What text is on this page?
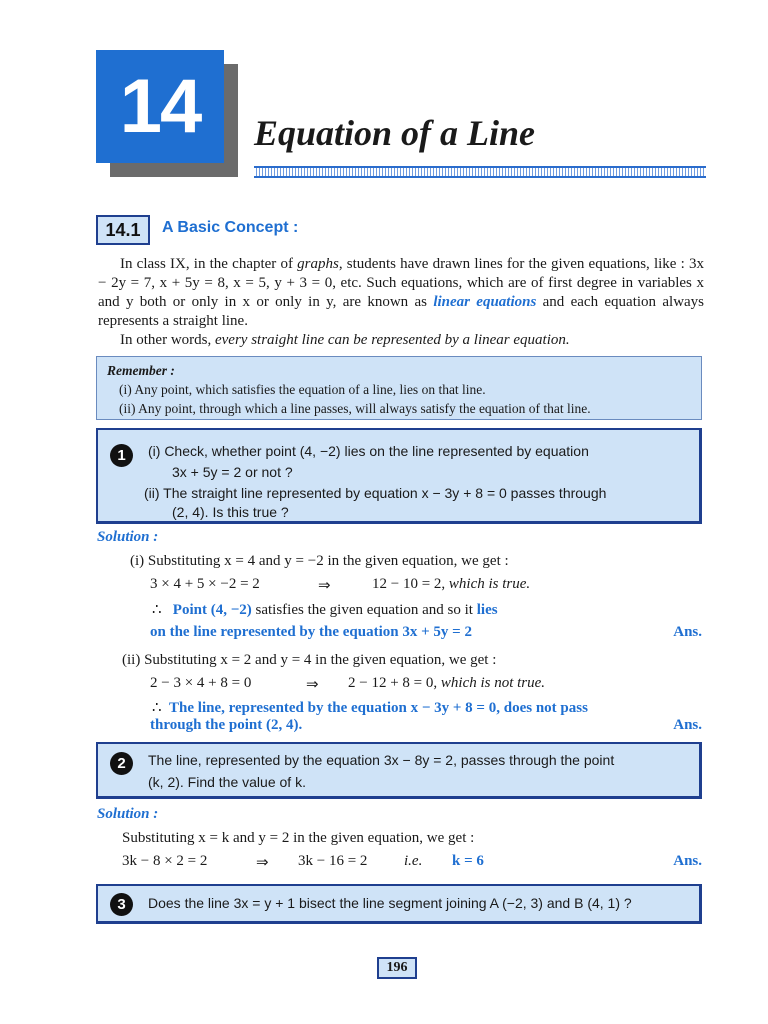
14 Equation of a Line
14.1	A Basic Concept :

In class IX, in the chapter of graphs, students have drawn lines for the given equations, like : 3x − 2y = 7, x + 5y = 8, x = 5, y + 3 = 0, etc. Such equations, which are of first degree in variables x and y both or only in x or only in y, are known as linear equations and each equation always represents a straight line.

In other words, every straight line can be represented by a linear equation.

Remember :
(i) Any point, which satisfies the equation of a line, lies on that line.
(ii) Any point, through which a line passes, will always satisfy the equation of that line.
1	(i) Check, whether point (4, −2) lies on the line represented by equation
3x + 5y = 2 or not ?
(ii) The straight line represented by equation x − 3y + 8 = 0 passes through
(2, 4). Is this true ?
Solution :
(i) Substituting x = 4 and y = −2 in the given equation, we get :
3 × 4 + 5 × −2 = 2	⇒	12 − 10 = 2, which is true.
∴ Point (4, −2) satisfies the given equation and so it lies
on the line represented by the equation 3x + 5y = 2	Ans.
(ii) Substituting x = 2 and y = 4 in the given equation, we get :
2 − 3 × 4 + 8 = 0	⇒ 2 − 12 + 8 = 0, which is not true.
∴ The line, represented by the equation x − 3y + 8 = 0, does not pass
through the point (2, 4).	Ans.
2	The line, represented by the equation 3x − 8y = 2, passes through the point
(k, 2). Find the value of k.
Solution :
Substituting x = k and y = 2 in the given equation, we get :
3k − 8 × 2 = 2	⇒ 3k − 16 = 2 i.e. k = 6	Ans.
3	Does the line 3x = y + 1 bisect the line segment joining A (−2, 3) and B (4, 1) ?
196
